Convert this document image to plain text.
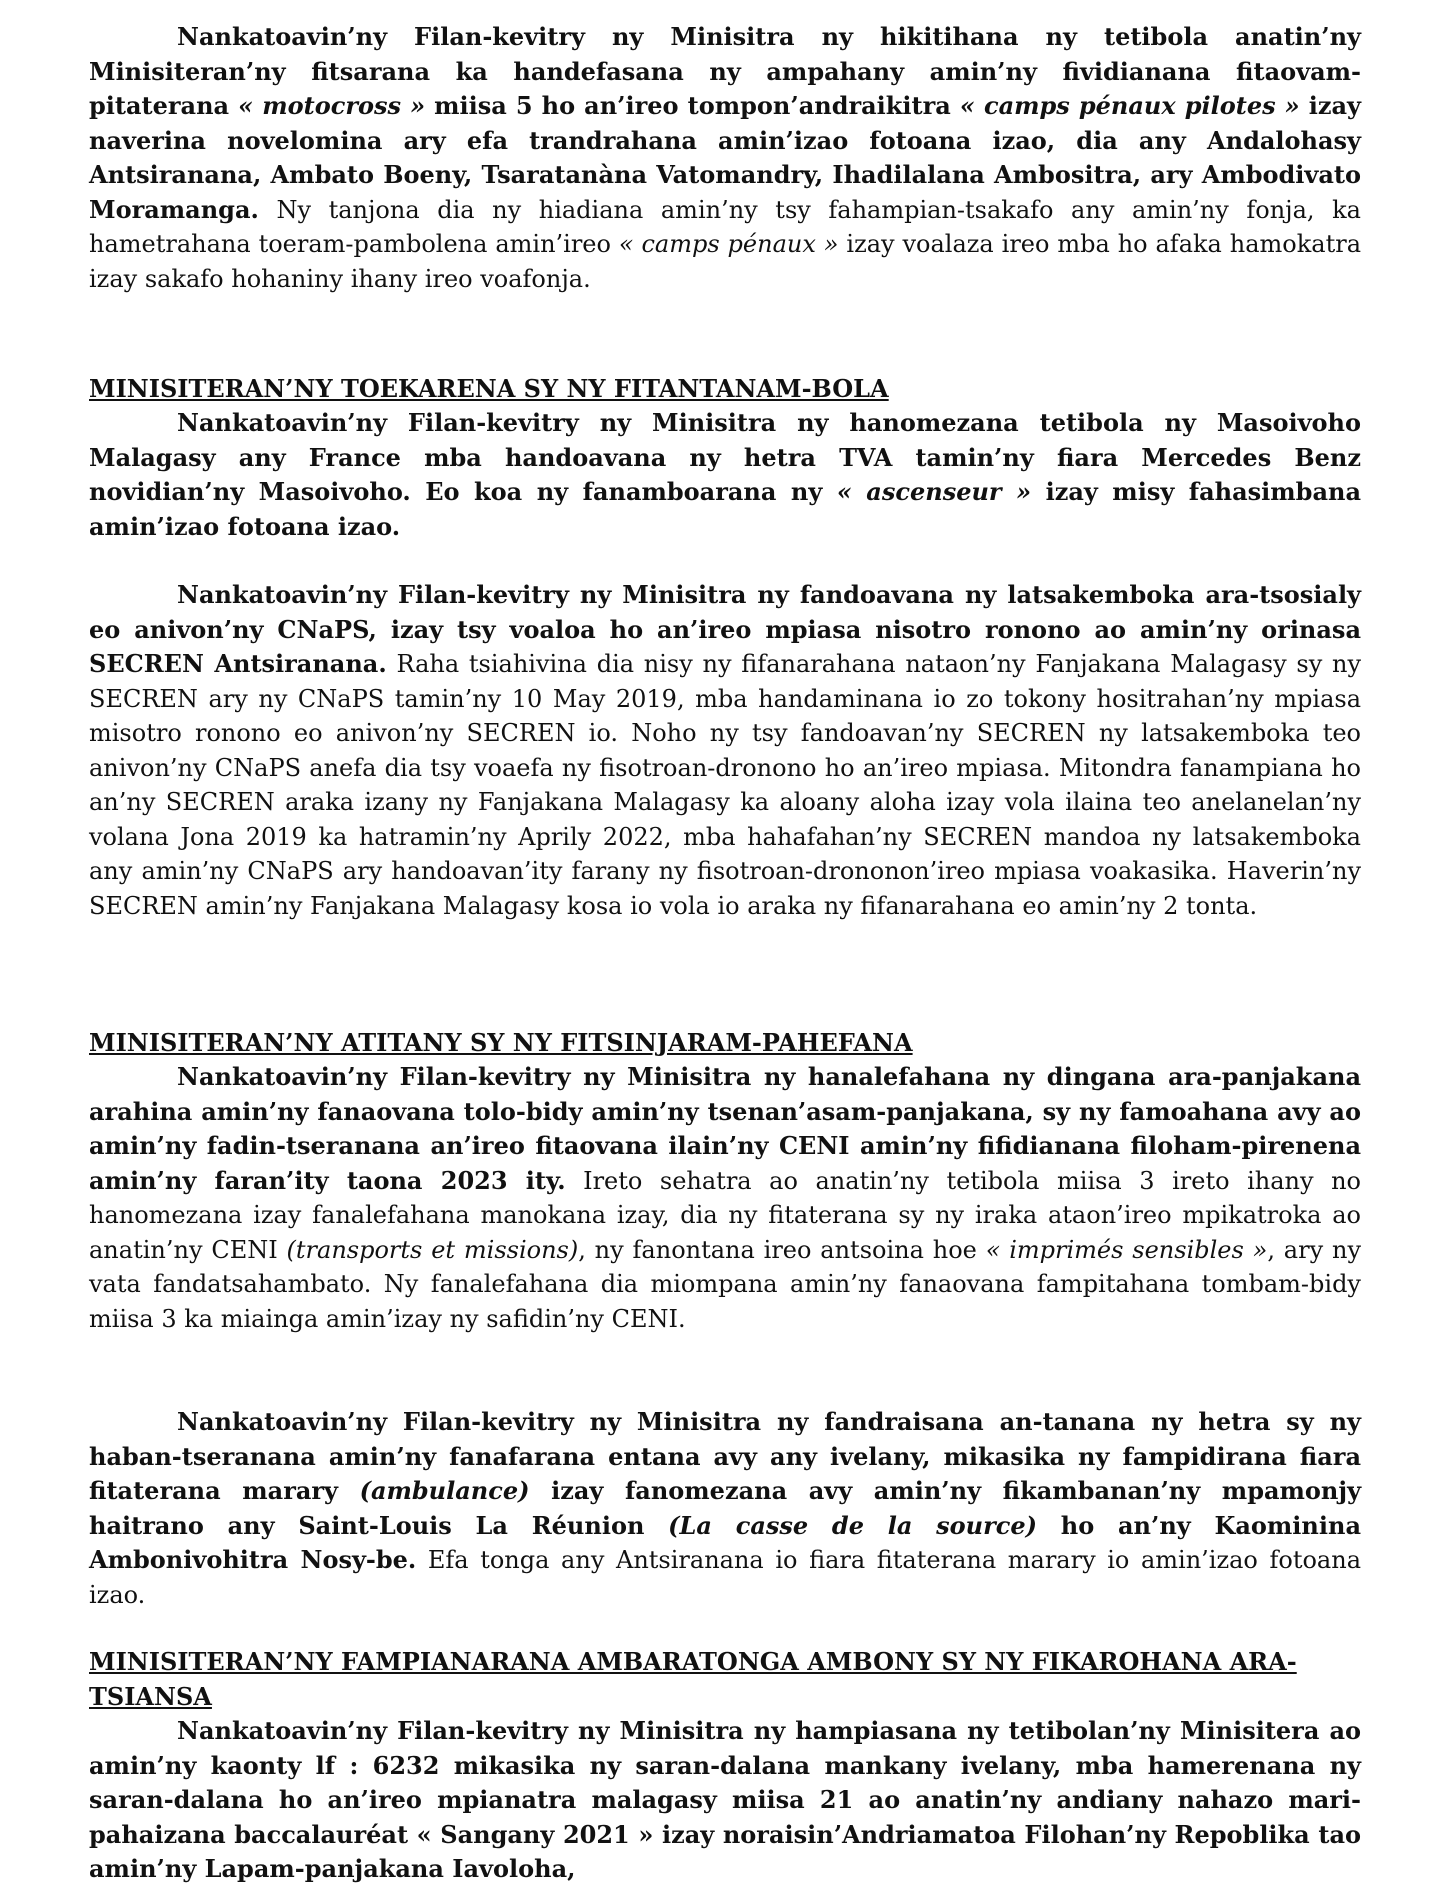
Nankatoavin’ny Filan-kevitry ny Minisitra ny hikitihana ny tetibola anatin’ny Minisiteran’ny fitsarana ka handefasana ny ampahany amin’ny fividianana fitaovam-pitaterana « motocross » miisa 5 ho an’ireo tompon’andraikitra « camps pénaux pilotes » izay naverina novelomina ary efa trandrahana amin’izao fotoana izao, dia any Andalohasy Antsiranana, Ambato Boeny, Tsaratanàna Vatomandry, Ihadilalana Ambositra, ary Ambodivato Moramanga. Ny tanjona dia ny hiadiana amin’ny tsy fahampian-tsakafo any amin’ny fonja, ka hametrahana toeram-pambolena amin’ireo « camps pénaux » izay voalaza ireo mba ho afaka hamokatra izay sakafo hohaniny ihany ireo voafonja.

MINISITERAN’NY TOEKARENA SY NY FITANTANAM-BOLA

Nankatoavin’ny Filan-kevitry ny Minisitra ny hanomezana tetibola ny Masoivoho Malagasy any France mba handoavana ny hetra TVA tamin’ny fiara Mercedes Benz novidian’ny Masoivoho. Eo koa ny fanamboarana ny « ascenseur » izay misy fahasimbana amin’izao fotoana izao.

Nankatoavin’ny Filan-kevitry ny Minisitra ny fandoavana ny latsakemboka ara-tsosialy eo anivon’ny CNaPS, izay tsy voaloa ho an’ireo mpiasa nisotro ronono ao amin’ny orinasa SECREN Antsiranana. Raha tsiahivina dia nisy ny fifanarahana nataon’ny Fanjakana Malagasy sy ny SECREN ary ny CNaPS tamin’ny 10 May 2019, mba handaminana io zo tokony hositrahan’ny mpiasa misotro ronono eo anivon’ny SECREN io. Noho ny tsy fandoavan’ny SECREN ny latsakemboka teo anivon’ny CNaPS anefa dia tsy voaefa ny fisotroan-dronono ho an’ireo mpiasa. Mitondra fanampiana ho an’ny SECREN araka izany ny Fanjakana Malagasy ka aloany aloha izay vola ilaina teo anelanelan’ny volana Jona 2019 ka hatramin’ny Aprily 2022, mba hahafahan’ny SECREN mandoa ny latsakemboka any amin’ny CNaPS ary handoavan’ity farany ny fisotroan-drononon’ireo mpiasa voakasika. Haverin’ny SECREN amin’ny Fanjakana Malagasy kosa io vola io araka ny fifanarahana eo amin’ny 2 tonta.

MINISITERAN’NY ATITANY SY NY FITSINJARAM-PAHEFANA

Nankatoavin’ny Filan-kevitry ny Minisitra ny hanalefahana ny dingana ara-panjakana arahina amin’ny fanaovana tolo-bidy amin’ny tsenan’asam-panjakana, sy ny famoahana avy ao amin’ny fadin-tseranana an’ireo fitaovana ilain’ny CENI amin’ny fifidianana filoham-pirenena amin’ny faran’ity taona 2023 ity. Ireto sehatra ao anatin’ny tetibola miisa 3 ireto ihany no hanomezana izay fanalefahana manokana izay, dia ny fitaterana sy ny iraka ataon’ireo mpikatroka ao anatin’ny CENI (transports et missions), ny fanontana ireo antsoina hoe « imprimés sensibles », ary ny vata fandatsahambato. Ny fanalefahana dia miompana amin’ny fanaovana fampitahana tombam-bidy miisa 3 ka miainga amin’izay ny safidin’ny CENI.

Nankatoavin’ny Filan-kevitry ny Minisitra ny fandraisana an-tanana ny hetra sy ny haban-tseranana amin’ny fanafarana entana avy any ivelany, mikasika ny fampidirana fiara fitaterana marary (ambulance) izay fanomezana avy amin’ny fikambanan’ny mpamonjy haitrano any Saint-Louis La Réunion (La casse de la source) ho an’ny Kaominina Ambonivohitra Nosy-be. Efa tonga any Antsiranana io fiara fitaterana marary io amin’izao fotoana izao.

MINISITERAN’NY FAMPIANARANA AMBARATONGA AMBONY SY NY FIKAROHANA ARA-TSIANSA

Nankatoavin’ny Filan-kevitry ny Minisitra ny hampiasana ny tetibolan’ny Minisitera ao amin’ny kaonty lf : 6232 mikasika ny saran-dalana mankany ivelany, mba hamerenana ny saran-dalana ho an’ireo mpianatra malagasy miisa 21 ao anatin’ny andiany nahazo mari-pahaizana baccalauréat « Sangany 2021 » izay noraisin’Andriamatoa Filohan’ny Repoblika tao amin’ny Lapam-panjakana Iavoloha,
